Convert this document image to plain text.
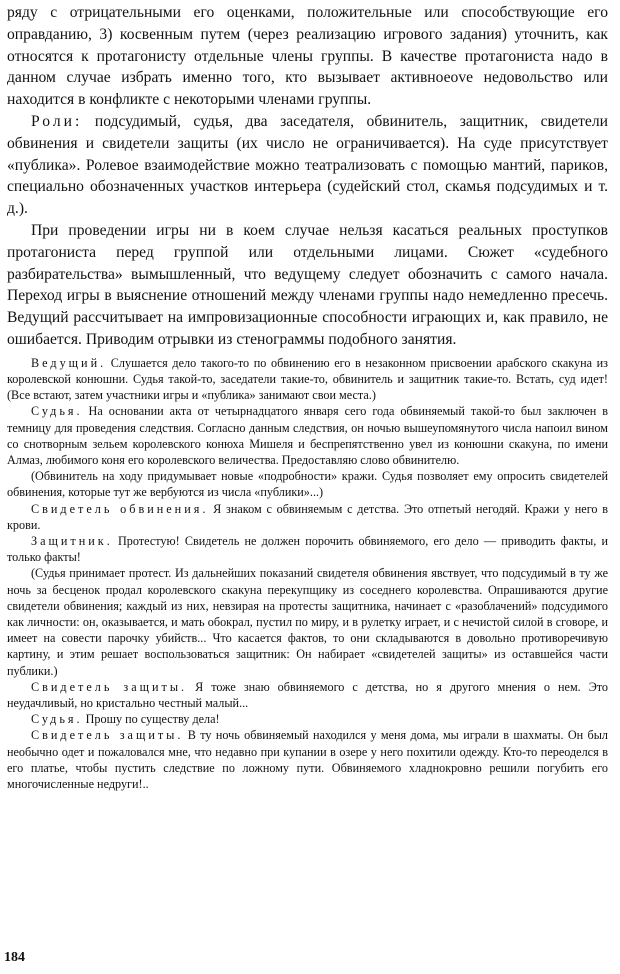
ряду с отрицательными его оценками, положительные или способствующие его оправданию, 3) косвенным путем (через реализацию игрового задания) уточнить, как относятся к протагонисту отдельные члены группы. В качестве протагониста надо в данном случае избрать именно того, кто вызывает активноеove недовольство или находится в конфликте с некоторыми членами группы.

Роли: подсудимый, судья, два заседателя, обвинитель, защитник, свидетели обвинения и свидетели защиты (их число не ограничивается). На суде присутствует «публика». Ролевое взаимодействие можно театрализовать с помощью мантий, париков, специально обозначенных участков интерьера (судейский стол, скамья подсудимых и т. д.).

При проведении игры ни в коем случае нельзя касаться реальных проступков протагониста перед группой или отдельными лицами. Сюжет «судебного разбирательства» вымышленный, что ведущему следует обозначить с самого начала. Переход игры в выяснение отношений между членами группы надо немедленно пресечь. Ведущий рассчитывает на импровизационные способности играющих и, как правило, не ошибается. Приводим отрывки из стенограммы подобного занятия.

Ведущий. Слушается дело такого-то по обвинению его в незаконном присвоении арабского скакуна из королевской конюшни. Судья такой-то, заседатели такие-то, обвинитель и защитник такие-то. Встать, суд идет! (Все встают, затем участники игры и «публика» занимают свои места.)

Судья. На основании акта от четырнадцатого января сего года обвиняемый такой-то был заключен в темницу для проведения следствия. Согласно данным следствия, он ночью вышеупомянутого числа напоил вином со снотворным зельем королевского конюха Мишеля и беспрепятственно увел из конюшни скакуна, по имени Алмаз, любимого коня его королевского величества. Предоставляю слово обвинителю.

(Обвинитель на ходу придумывает новые «подробности» кражи. Судья позволяет ему опросить свидетелей обвинения, которые тут же вербуются из числа «публики»...)

Свидетель обвинения. Я знаком с обвиняемым с детства. Это отпетый негодяй. Кражи у него в крови.

Защитник. Протестую! Свидетель не должен порочить обвиняемого, его дело — приводить факты, и только факты!

(Судья принимает протест. Из дальнейших показаний свидетеля обвинения явствует, что подсудимый в ту же ночь за бесценок продал королевского скакуна перекупщику из соседнего королевства. Опрашиваются другие свидетели обвинения; каждый из них, невзирая на протесты защитника, начинает с «разоблачений» подсудимого как личности: он, оказывается, и мать обокрал, пустил по миру, и в рулетку играет, и с нечистой силой в сговоре, и имеет на совести парочку убийств... Что касается фактов, то они складываются в довольно противоречивую картину, и этим решает воспользоваться защитник: Он набирает «свидетелей защиты» из оставшейся части публики.)

Свидетель защиты. Я тоже знаю обвиняемого с детства, но я другого мнения о нем. Это неудачливый, но кристально честный малый...

Судья. Прошу по существу дела!

Свидетель защиты. В ту ночь обвиняемый находился у меня дома, мы играли в шахматы. Он был необычно одет и пожаловался мне, что недавно при купании в озере у него похитили одежду. Кто-то переоделся в его платье, чтобы пустить следствие по ложному пути. Обвиняемого хладнокровно решили погубить его многочисленные недруги!..

184
